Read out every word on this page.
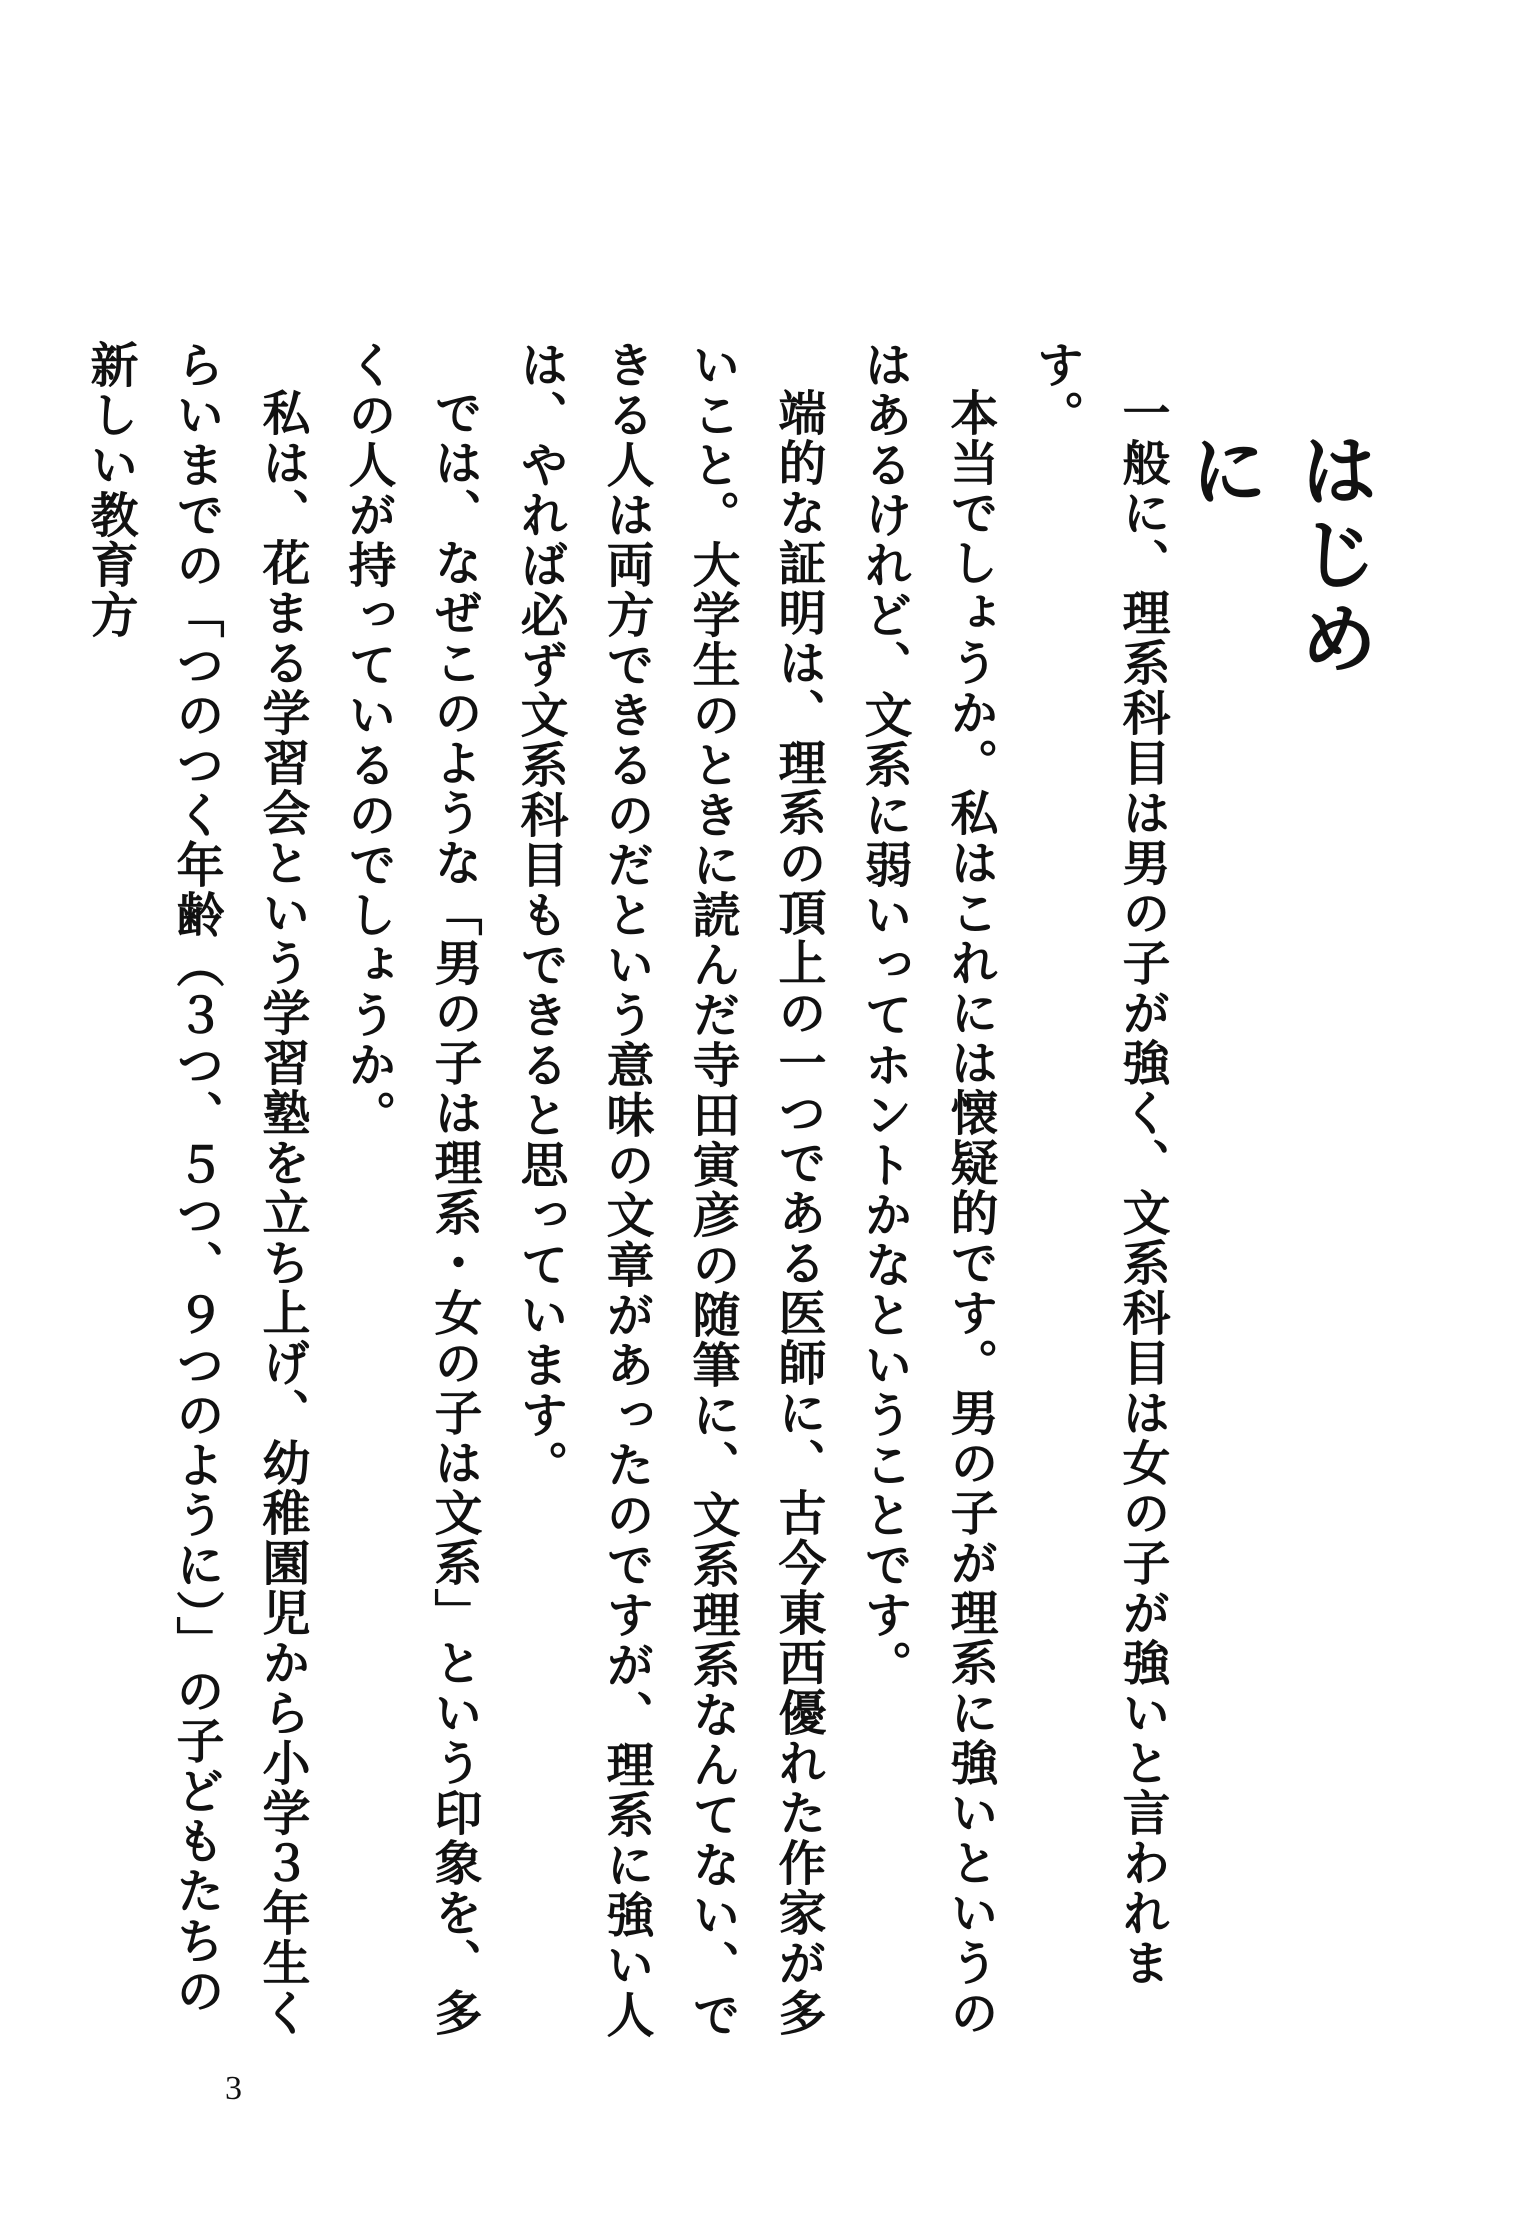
はじめに

一般に、理系科目は男の子が強く、文系科目は女の子が強いと言われます。

本当でしょうか。私はこれには懐疑的です。男の子が理系に強いというのはあるけれど、文系に弱いってホントかなということです。

端的な証明は、理系の頂上の一つである医師に、古今東西優れた作家が多いこと。大学生のときに読んだ寺田寅彦の随筆に、文系理系なんてない、できる人は両方できるのだという意味の文章があったのですが、理系に強い人は、やれば必ず文系科目もできると思っています。

では、なぜこのような「男の子は理系・女の子は文系」という印象を、多くの人が持っているのでしょうか。

私は、花まる学習会という学習塾を立ち上げ、幼稚園児から小学３年生くらいまでの「つのつく年齢（３つ、５つ、９つのように）」の子どもたちの新しい教育方

3
